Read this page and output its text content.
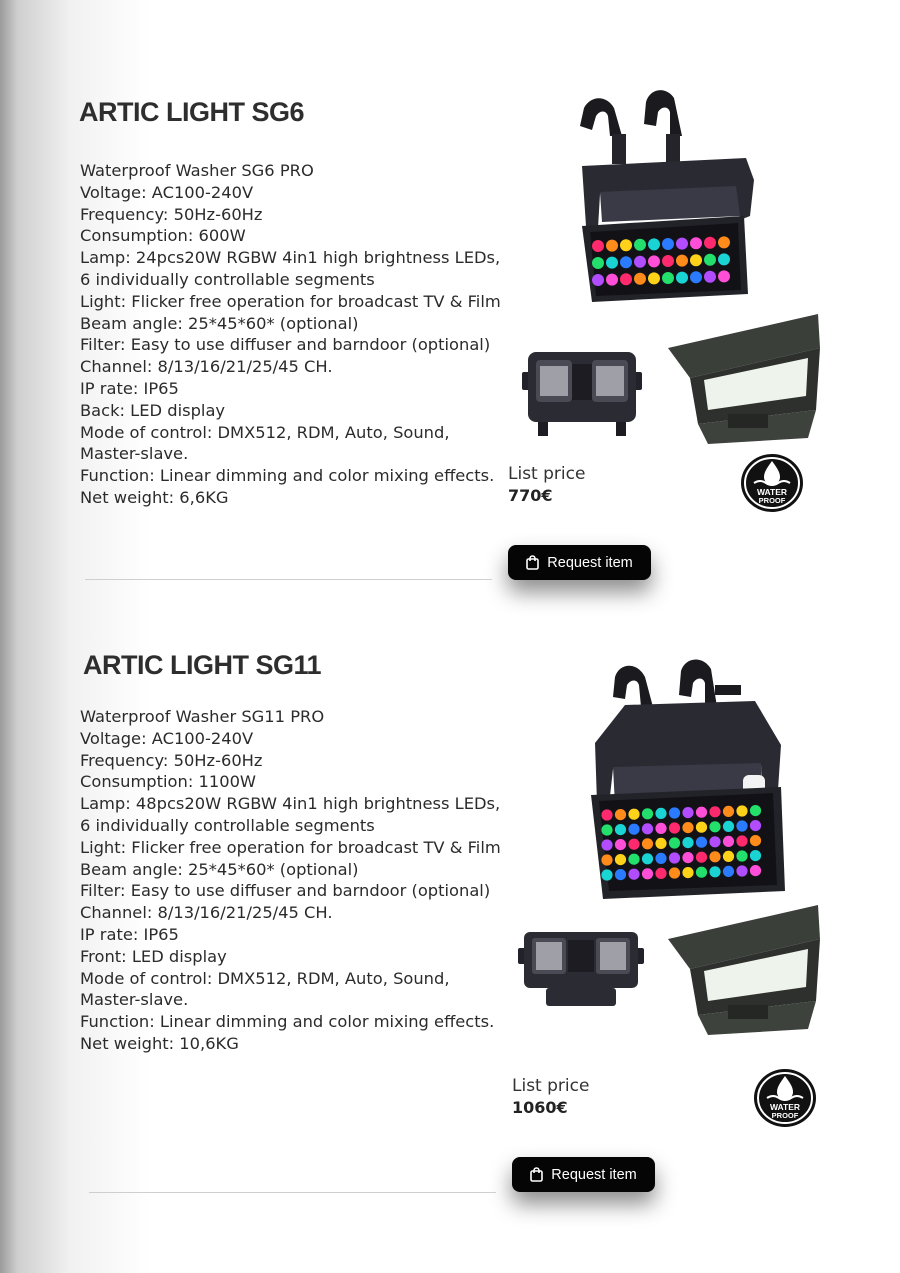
ARTIC LIGHT SG6
Waterproof Washer SG6 PRO
Voltage: AC100-240V
Frequency: 50Hz-60Hz
Consumption: 600W
Lamp: 24pcs20W RGBW 4in1 high brightness LEDs,
6 individually controllable segments
Light: Flicker free operation for broadcast TV & Film
Beam angle: 25*45*60* (optional)
Filter: Easy to use diffuser and barndoor (optional)
Channel: 8/13/16/21/25/45 CH.
IP rate: IP65
Back: LED display
Mode of control: DMX512, RDM, Auto, Sound,
Master-slave.
Function: Linear dimming and color mixing effects.
Net weight: 6,6KG
List price
770€	WATER
PROOF
Request item
ARTIC LIGHT SG11
Waterproof Washer SG11 PRO
Voltage: AC100-240V
Frequency: 50Hz-60Hz
Consumption: 1100W
Lamp: 48pcs20W RGBW 4in1 high brightness LEDs,
6 individually controllable segments
Light: Flicker free operation for broadcast TV & Film
Beam angle: 25*45*60* (optional)
Filter: Easy to use diffuser and barndoor (optional)
Channel: 8/13/16/21/25/45 CH.
IP rate: IP65
Front: LED display
Mode of control: DMX512, RDM, Auto, Sound,
Master-slave.
Function: Linear dimming and color mixing effects.
Net weight: 10,6KG
List price
1060€	WATER
PROOF
Request item
